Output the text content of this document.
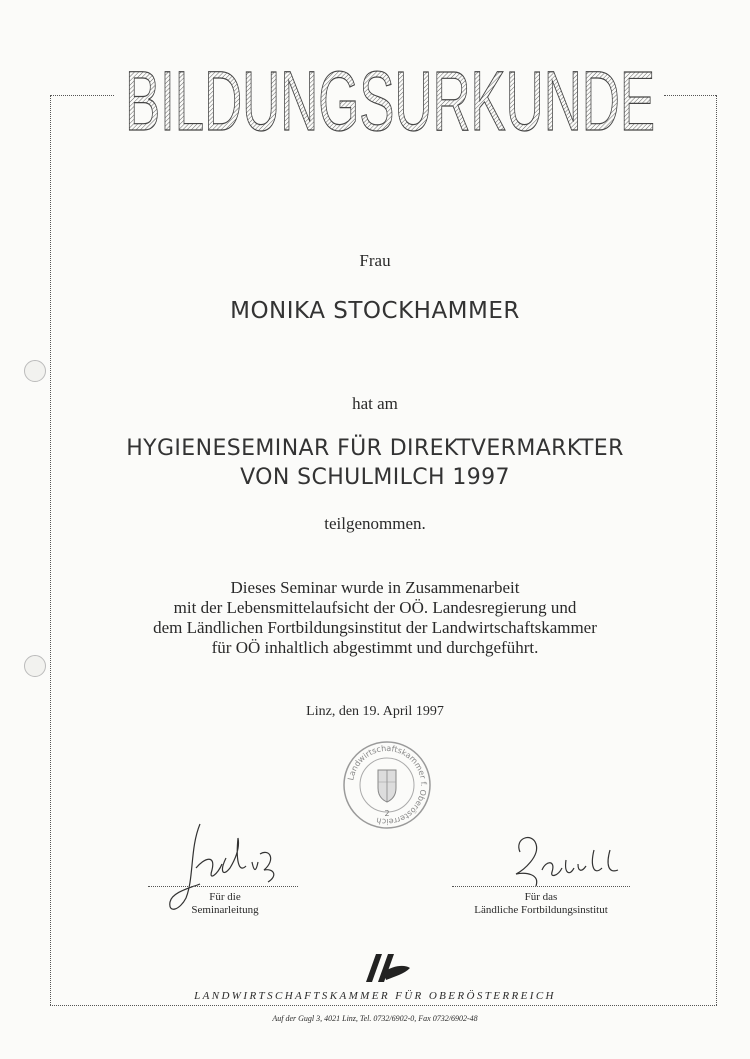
BILDUNGSURKUNDE
Frau
MONIKA STOCKHAMMER
hat am
HYGIENESEMINAR FÜR DIREKTVERMARKTER
VON SCHULMILCH 1997
teilgenommen.
Dieses Seminar wurde in Zusammenarbeit
mit der Lebensmittelaufsicht der OÖ. Landesregierung und
dem Ländlichen Fortbildungsinstitut der Landwirtschaftskammer
für OÖ inhaltlich abgestimmt und durchgeführt.
Linz, den 19. April 1997
Landwirtschaftskammer f. Oberösterreich
2
Für die
Seminarleitung
Für das
Ländliche Fortbildungsinstitut
LANDWIRTSCHAFTSKAMMER FÜR OBERÖSTERREICH
Auf der Gugl 3, 4021 Linz, Tel. 0732/6902-0, Fax 0732/6902-48
